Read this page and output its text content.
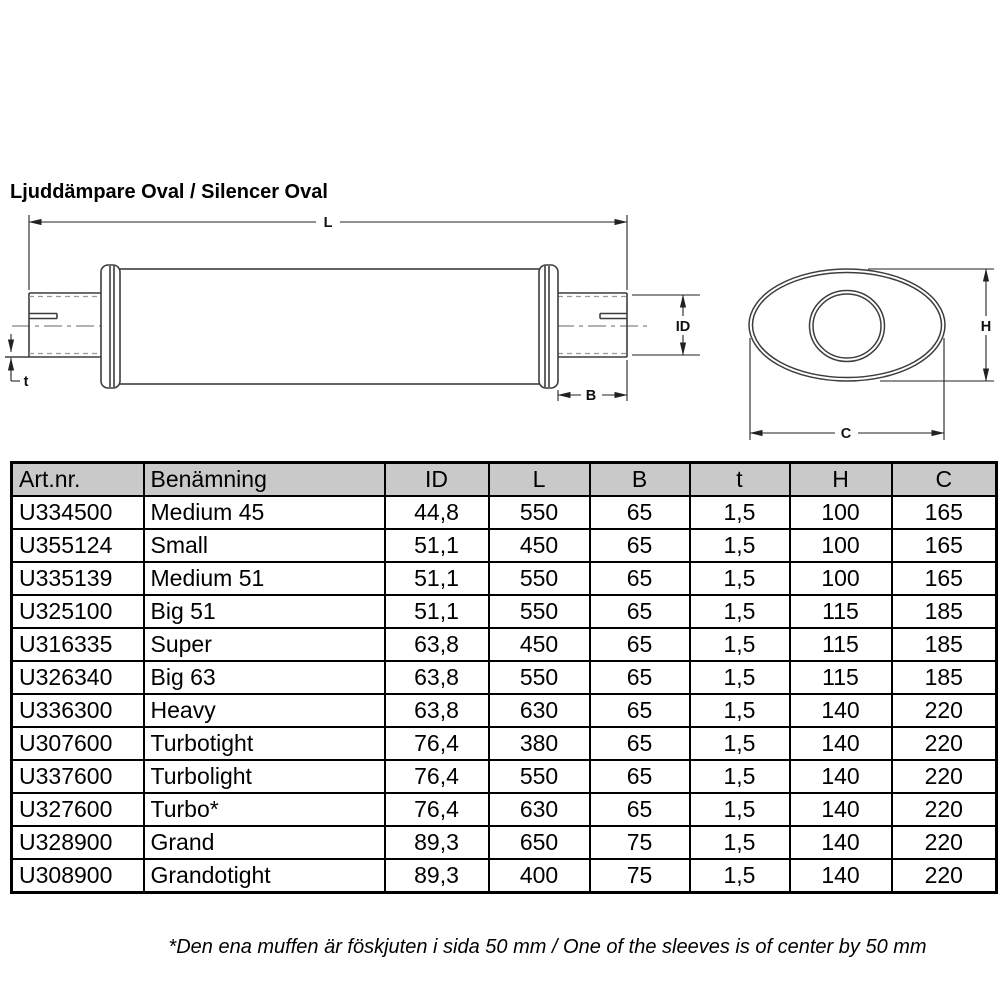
Ljuddämpare Oval / Silencer Oval
L
ID
B
t
H
C
Art.nr.	Benämning	ID	L	B	t	H	C
U334500	Medium 45	44,8	550	65	1,5	100	165
U355124	Small	51,1	450	65	1,5	100	165
U335139	Medium 51	51,1	550	65	1,5	100	165
U325100	Big 51	51,1	550	65	1,5	115	185
U316335	Super	63,8	450	65	1,5	115	185
U326340	Big 63	63,8	550	65	1,5	115	185
U336300	Heavy	63,8	630	65	1,5	140	220
U307600	Turbotight	76,4	380	65	1,5	140	220
U337600	Turbolight	76,4	550	65	1,5	140	220
U327600	Turbo*	76,4	630	65	1,5	140	220
U328900	Grand	89,3	650	75	1,5	140	220
U308900	Grandotight	89,3	400	75	1,5	140	220
*Den ena muffen är föskjuten i sida 50 mm / One of the sleeves is of center by 50 mm
